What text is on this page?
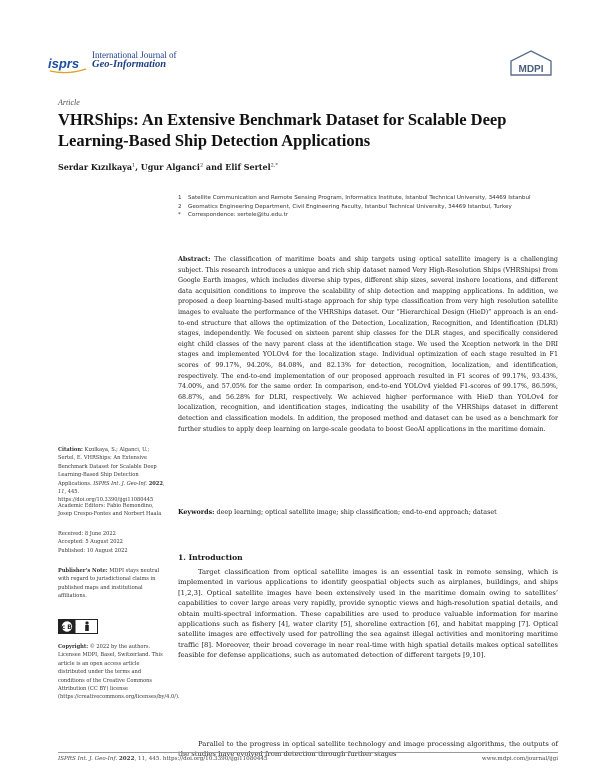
isprs
International Journal of
Geo-Information	MDPI
Article
VHRShips: An Extensive Benchmark Dataset for Scalable Deep Learning-Based Ship Detection Applications
Serdar Kızılkaya$^1$, Ugur Alganci$^2$ and Elif Sertel$^{2,*}$
1	Satellite Communication and Remote Sensing Program, Informatics Institute, Istanbul Technical University, 34469 Istanbul
2	Geomatics Engineering Department, Civil Engineering Faculty, Istanbul Technical University, 34469 Istanbul, Turkey
*	Correspondence: sertele@itu.edu.tr
Abstract: The classification of maritime boats and ship targets using optical satellite imagery is a challenging subject. This research introduces a unique and rich ship dataset named Very High-Resolution Ships (VHRShips) from Google Earth images, which includes diverse ship types, different ship sizes, several inshore locations, and different data acquisition conditions to improve the scalability of ship detection and mapping applications. In addition, we proposed a deep learning-based multi-stage approach for ship type classification from very high resolution satellite images to evaluate the performance of the VHRShips dataset. Our “Hierarchical Design (HieD)” approach is an end-to-end structure that allows the optimization of the Detection, Localization, Recognition, and Identification (DLRI) stages, independently. We focused on sixteen parent ship classes for the DLR stages, and specifically considered eight child classes of the navy parent class at the identification stage. We used the Xception network in the DRI stages and implemented YOLOv4 for the localization stage. Individual optimization of each stage resulted in F1 scores of 99.17%, 94.20%, 84.08%, and 82.13% for detection, recognition, localization, and identification, respectively. The end-to-end implementation of our proposed approach resulted in F1 scores of 99.17%, 93.43%, 74.00%, and 57.05% for the same order. In comparison, end-to-end YOLOv4 yielded F1-scores of 99.17%, 86.59%, 68.87%, and 56.28% for DLRI, respectively. We achieved higher performance with HieD than YOLOv4 for localization, recognition, and identification stages, indicating the usability of the VHRShips dataset in different detection and classification models. In addition, the proposed method and dataset can be used as a benchmark for further studies to apply deep learning on large-scale geodata to boost GeoAI applications in the maritime domain.
Keywords: deep learning; optical satellite image; ship classification; end-to-end approach; dataset
Citation: Kızılkaya, S.; Alganci, U.; Sertel, E. VHRShips: An Extensive Benchmark Dataset for Scalable Deep Learning-Based Ship Detection Applications. ISPRS Int. J. Geo-Inf. 2022, 11, 445. https://doi.org/10.3390/ijgi11080445
Academic Editors: Fabio Remondino, Josep Crespo-Fontes and Norbert Haala
Received: 8 June 2022
Accepted: 5 August 2022
Published: 10 August 2022
Publisher’s Note: MDPI stays neutral with regard to jurisdictional claims in published maps and institutional affiliations.
cc BY
Copyright: © 2022 by the authors. Licensee MDPI, Basel, Switzerland. This article is an open access article distributed under the terms and conditions of the Creative Commons Attribution (CC BY) license (https://creativecommons.org/licenses/by/4.0/).
1. Introduction

Target classification from optical satellite images is an essential task in remote sensing, which is implemented in various applications to identify geospatial objects such as airplanes, buildings, and ships [1,2,3]. Optical satellite images have been extensively used in the maritime domain owing to satellites’ capabilities to cover large areas very rapidly, provide synoptic views and high-resolution spatial details, and obtain multi-spectral information. These capabilities are used to produce valuable information for marine applications such as fishery [4], water clarity [5], shoreline extraction [6], and habitat mapping [7]. Optical satellite images are effectively used for patrolling the sea against illegal activities and monitoring maritime traffic [8]. Moreover, their broad coverage in near real-time with high spatial details makes optical satellites feasible for defense applications, such as automated detection of different targets [9,10].

Parallel to the progress in optical satellite technology and image processing algorithms, the outputs of the studies have evolved from detection through further stages

ISPRS Int. J. Geo-Inf. 2022, 11, 445. https://doi.org/10.3390/ijgi11080445	www.mdpi.com/journal/ijgi
